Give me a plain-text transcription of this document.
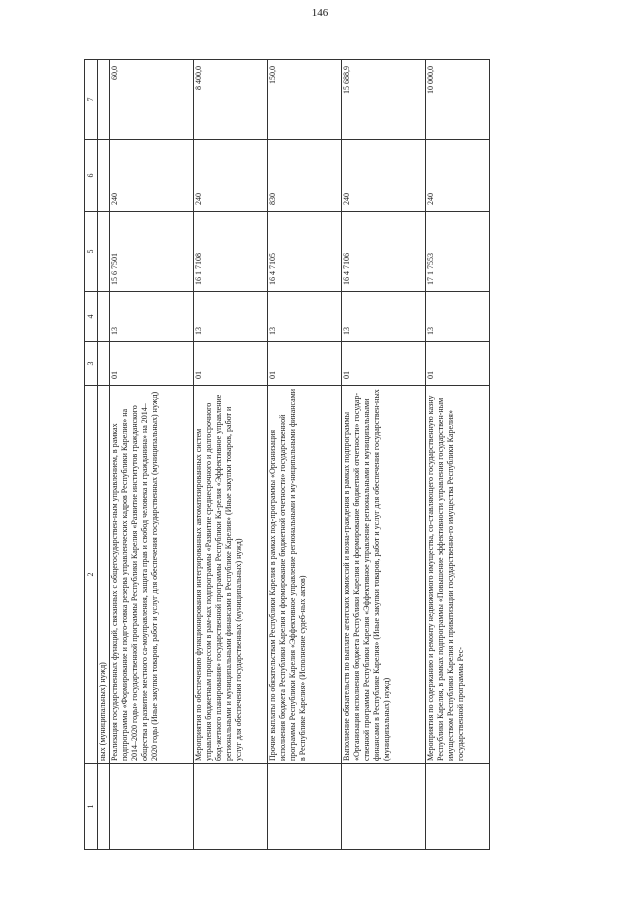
146
1	2	3	4	5	6	7
	ных (муниципальных) нужд)					
	Реализация государственных функций, связанных с общегосударствен-ным управлением, в рамках подпрограммы «Формирование и подго-товка резерва управленческих кадров Республики Карелия» на 2014–2020 годы» государственной программы Республики Карелия «Развитие институтов гражданского общества и развитие местного са-моуправления, защита прав и свобод человека и гражданина» на 2014–2020 годы (Иные закупки товаров, работ и услуг для обеспечения государственных (муниципальных) нужд)	01	13	15 6 7501	240	60,0
	Мероприятия по обеспечению функционирования интегрированных автоматизированных систем управления бюджетным процессом в рам-ках подпрограммы «Развитие среднесрочного и долгосрочного бюд-жетного планирования» государственной программы Республики Ка-релия «Эффективное управление региональными и муниципальными финансами в Республике Карелия» (Иные закупки товаров, работ и услуг для обеспечения государственных (муниципальных) нужд)	01	13	16 1 7108	240	8 400,0
	Прочие выплаты по обязательствам Республики Карелия в рамках под-программы «Организация исполнения бюджета Республики Карелия и формирование бюджетной отчетности» государственной программы Республики Карелия «Эффективное управление региональными и му-ниципальными финансами в Республике Карелия» (Исполнение судеб-ных актов)	01	13	16 4 7105	830	150,0
	Выполнение обязательств по выплате агентских комиссий и возна-граждения в рамках подпрограммы «Организация исполнения бюджета Республики Карелия и формирование бюджетной отчетности» государ-ственной программы Республики Карелия «Эффективное управление региональными и муниципальными финансами в Республике Карелия» (Иные закупки товаров, работ и услуг для обеспечения государствен-ных (муниципальных) нужд)	01	13	16 4 7106	240	15 688,9
	Мероприятия по содержанию и ремонту недвижимого имущества, со-ставляющего государственную казну Республики Карелия, в рамках подпрограммы «Повышение эффективности управления государствен-ным имуществом Республики Карелия и приватизации государственно-го имущества Республики Карелия» государственной программы Рес-	01	13	17 1 7553	240	10 000,0
